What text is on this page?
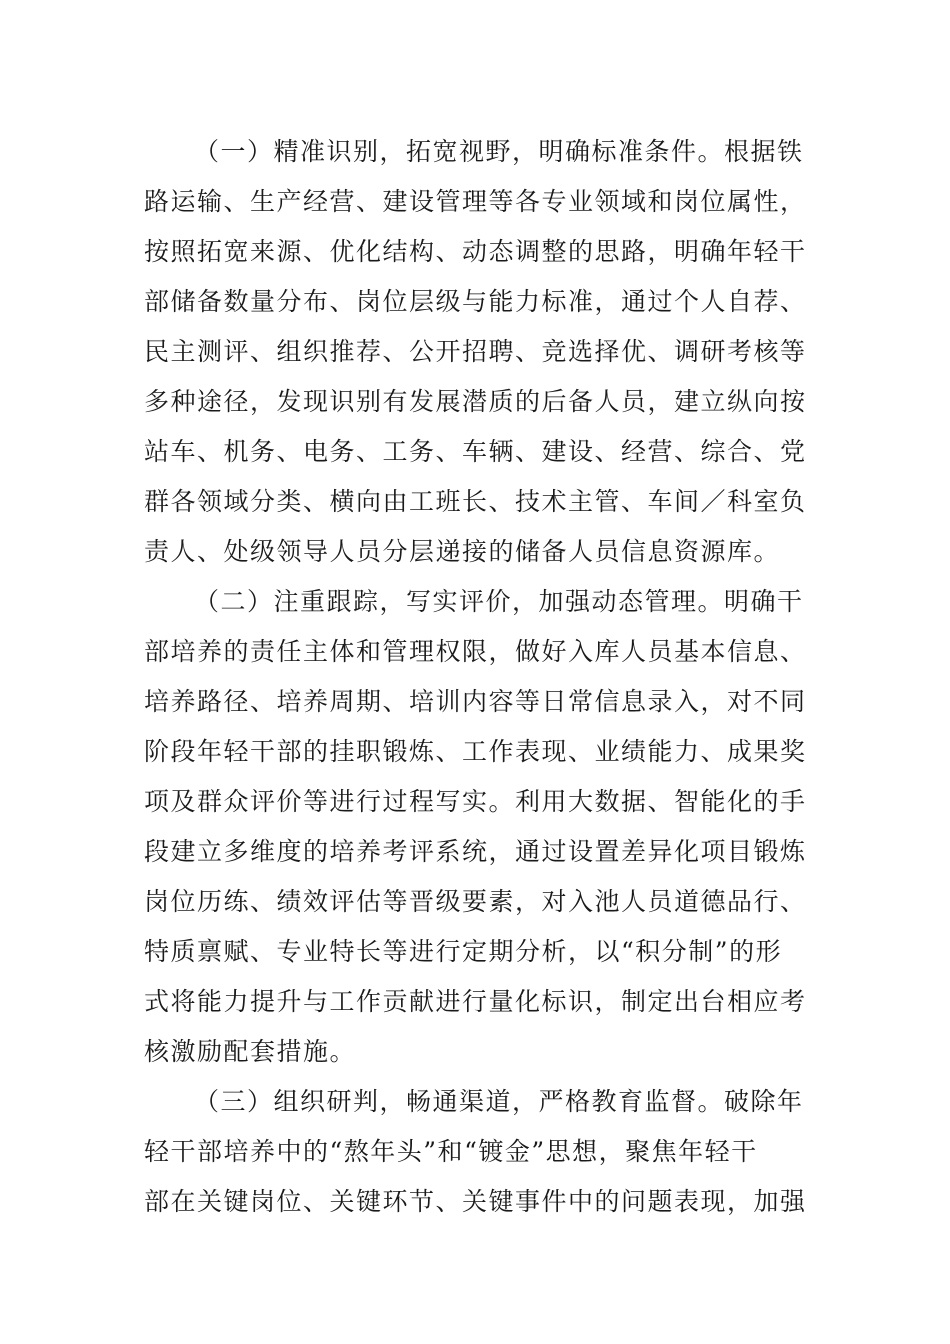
（一）精准识别，拓宽视野，明确标准条件。根据铁
路运输、生产经营、建设管理等各专业领域和岗位属性，
按照拓宽来源、优化结构、动态调整的思路，明确年轻干
部储备数量分布、岗位层级与能力标准，通过个人自荐、
民主测评、组织推荐、公开招聘、竞选择优、调研考核等
多种途径，发现识别有发展潜质的后备人员，建立纵向按
站车、机务、电务、工务、车辆、建设、经营、综合、党
群各领域分类、横向由工班长、技术主管、车间／科室负
责人、处级领导人员分层递接的储备人员信息资源库。
（二）注重跟踪，写实评价，加强动态管理。明确干
部培养的责任主体和管理权限，做好入库人员基本信息、
培养路径、培养周期、培训内容等日常信息录入，对不同
阶段年轻干部的挂职锻炼、工作表现、业绩能力、成果奖
项及群众评价等进行过程写实。利用大数据、智能化的手
段建立多维度的培养考评系统，通过设置差异化项目锻炼
岗位历练、绩效评估等晋级要素，对入池人员道德品行、
特质禀赋、专业特长等进行定期分析，以“积分制”的形
式将能力提升与工作贡献进行量化标识，制定出台相应考
核激励配套措施。
（三）组织研判，畅通渠道，严格教育监督。破除年
轻干部培养中的“熬年头”和“镀金”思想，聚焦年轻干
部在关键岗位、关键环节、关键事件中的问题表现，加强
